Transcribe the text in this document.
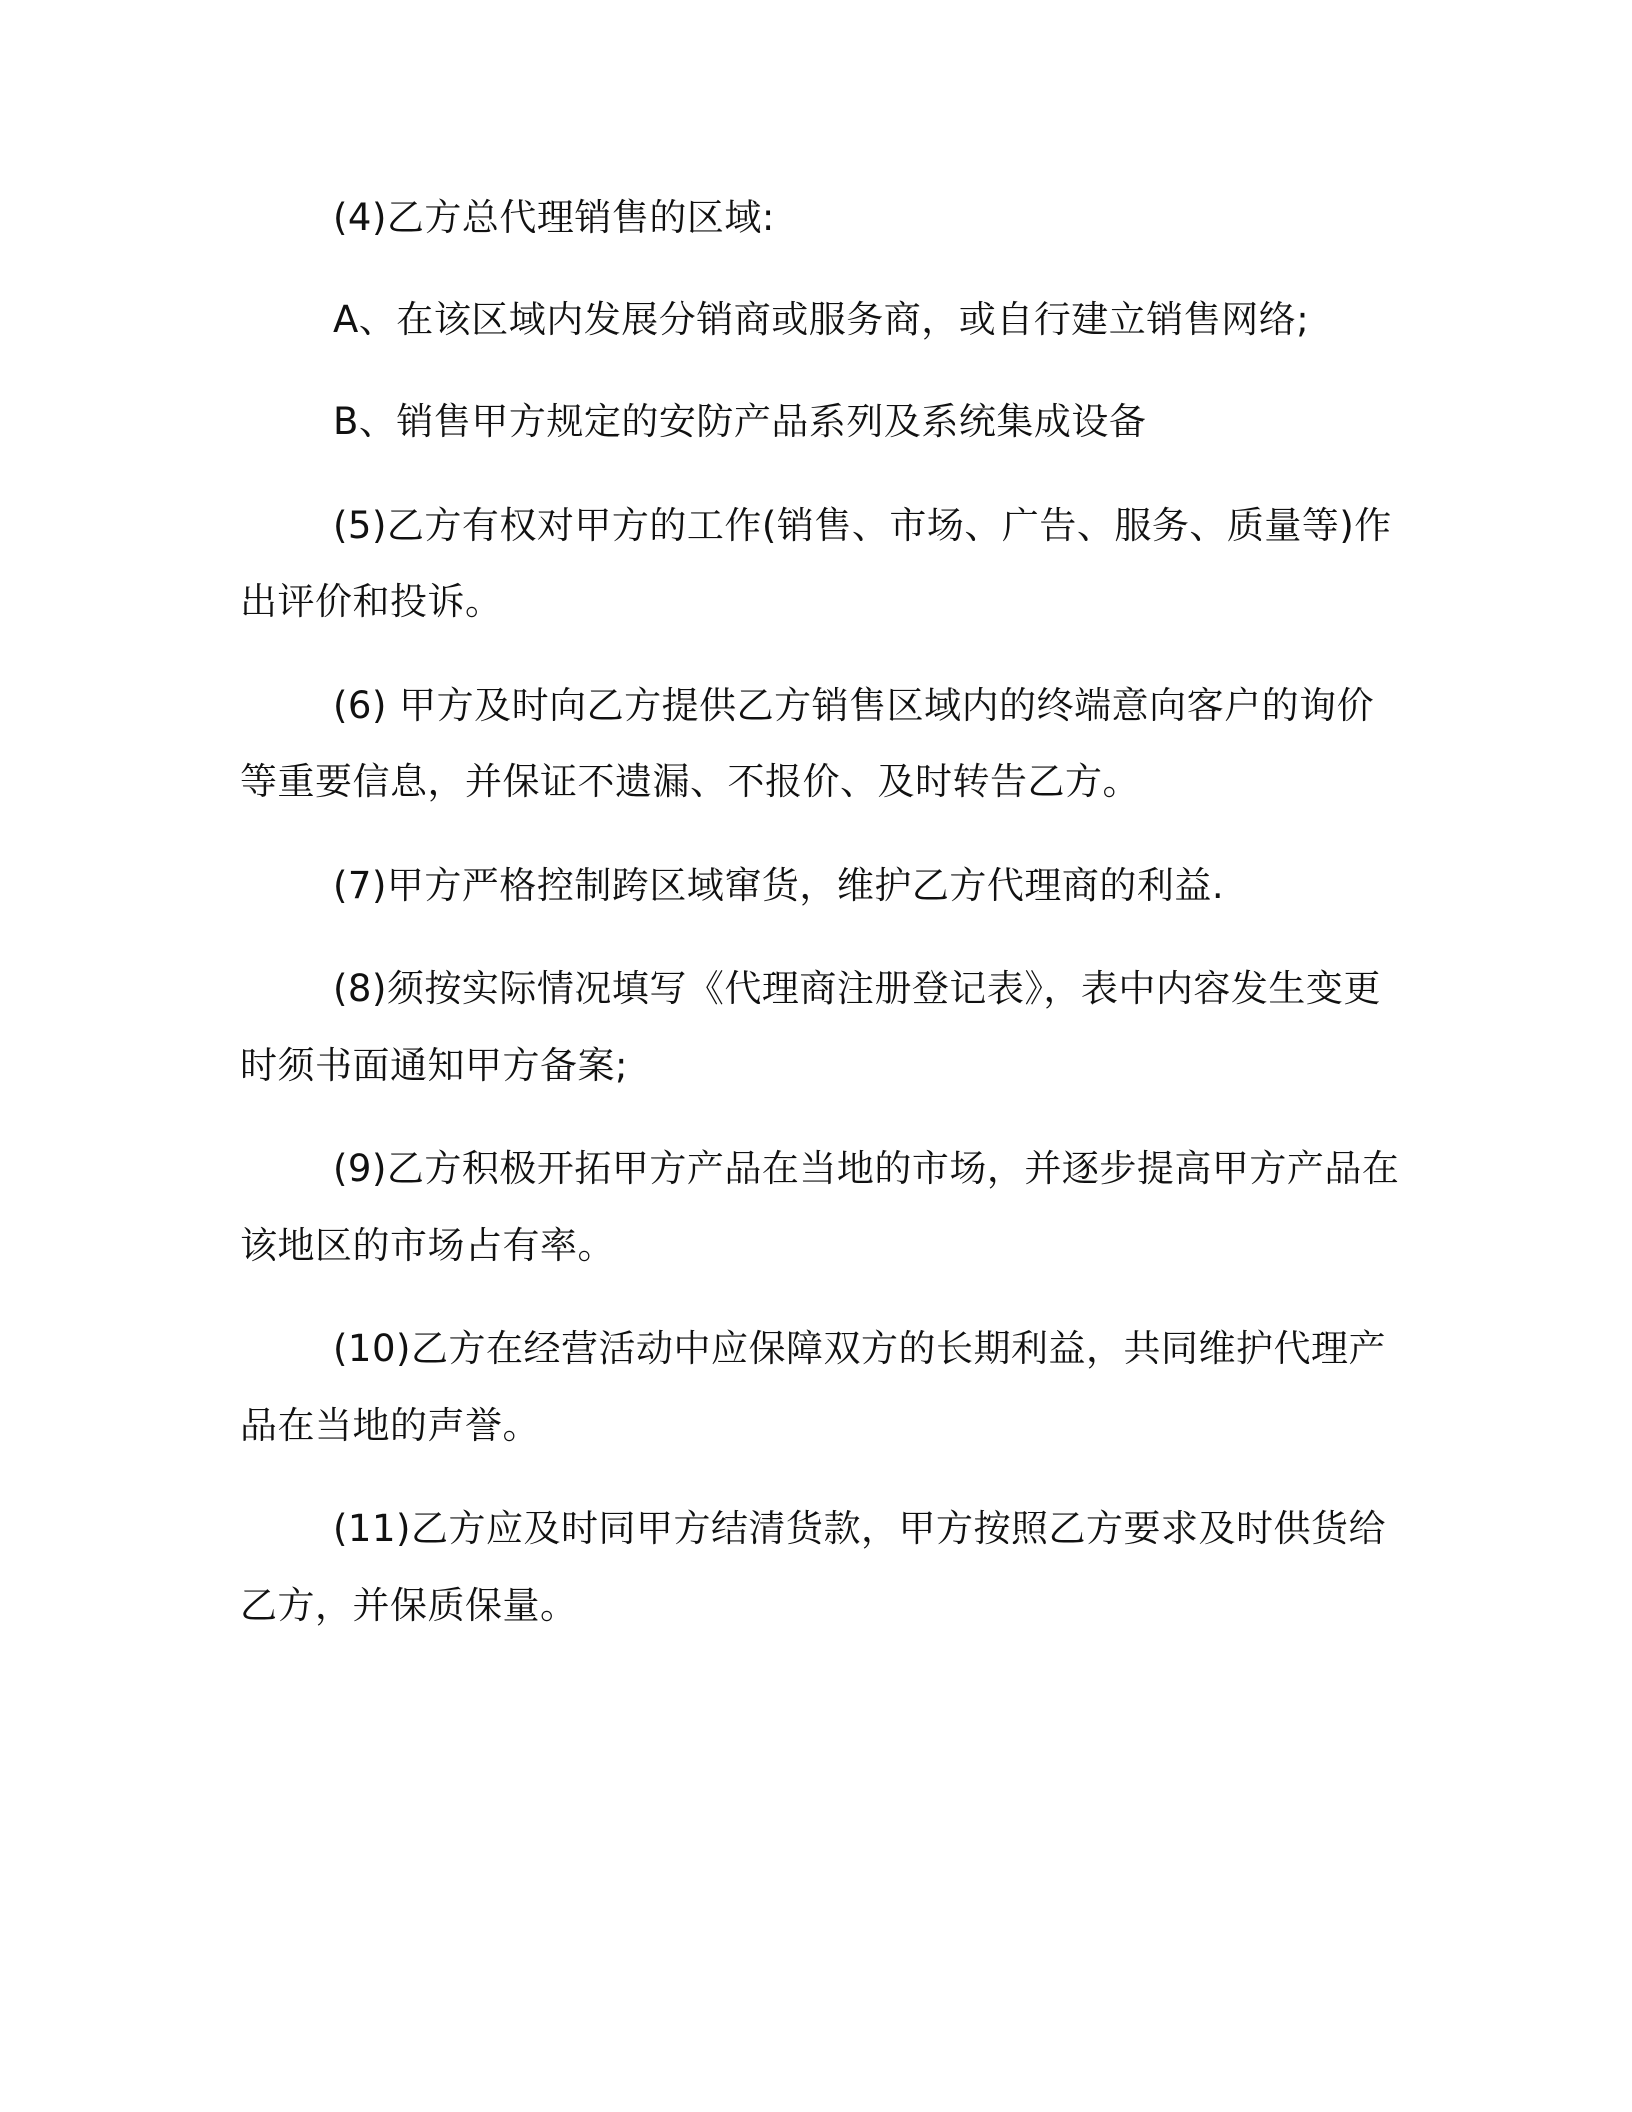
(4)乙方总代理销售的区域:

A、在该区域内发展分销商或服务商，或自行建立销售网络;

B、销售甲方规定的安防产品系列及系统集成设备

(5)乙方有权对甲方的工作(销售、市场、广告、服务、质量等)作

出评价和投诉。

(6) 甲方及时向乙方提供乙方销售区域内的终端意向客户的询价

等重要信息，并保证不遗漏、不报价、及时转告乙方。

(7)甲方严格控制跨区域窜货，维护乙方代理商的利益.

(8)须按实际情况填写《代理商注册登记表》，表中内容发生变更

时须书面通知甲方备案;

(9)乙方积极开拓甲方产品在当地的市场，并逐步提高甲方产品在

该地区的市场占有率。

(10)乙方在经营活动中应保障双方的长期利益，共同维护代理产

品在当地的声誉。

(11)乙方应及时同甲方结清货款，甲方按照乙方要求及时供货给

乙方，并保质保量。
